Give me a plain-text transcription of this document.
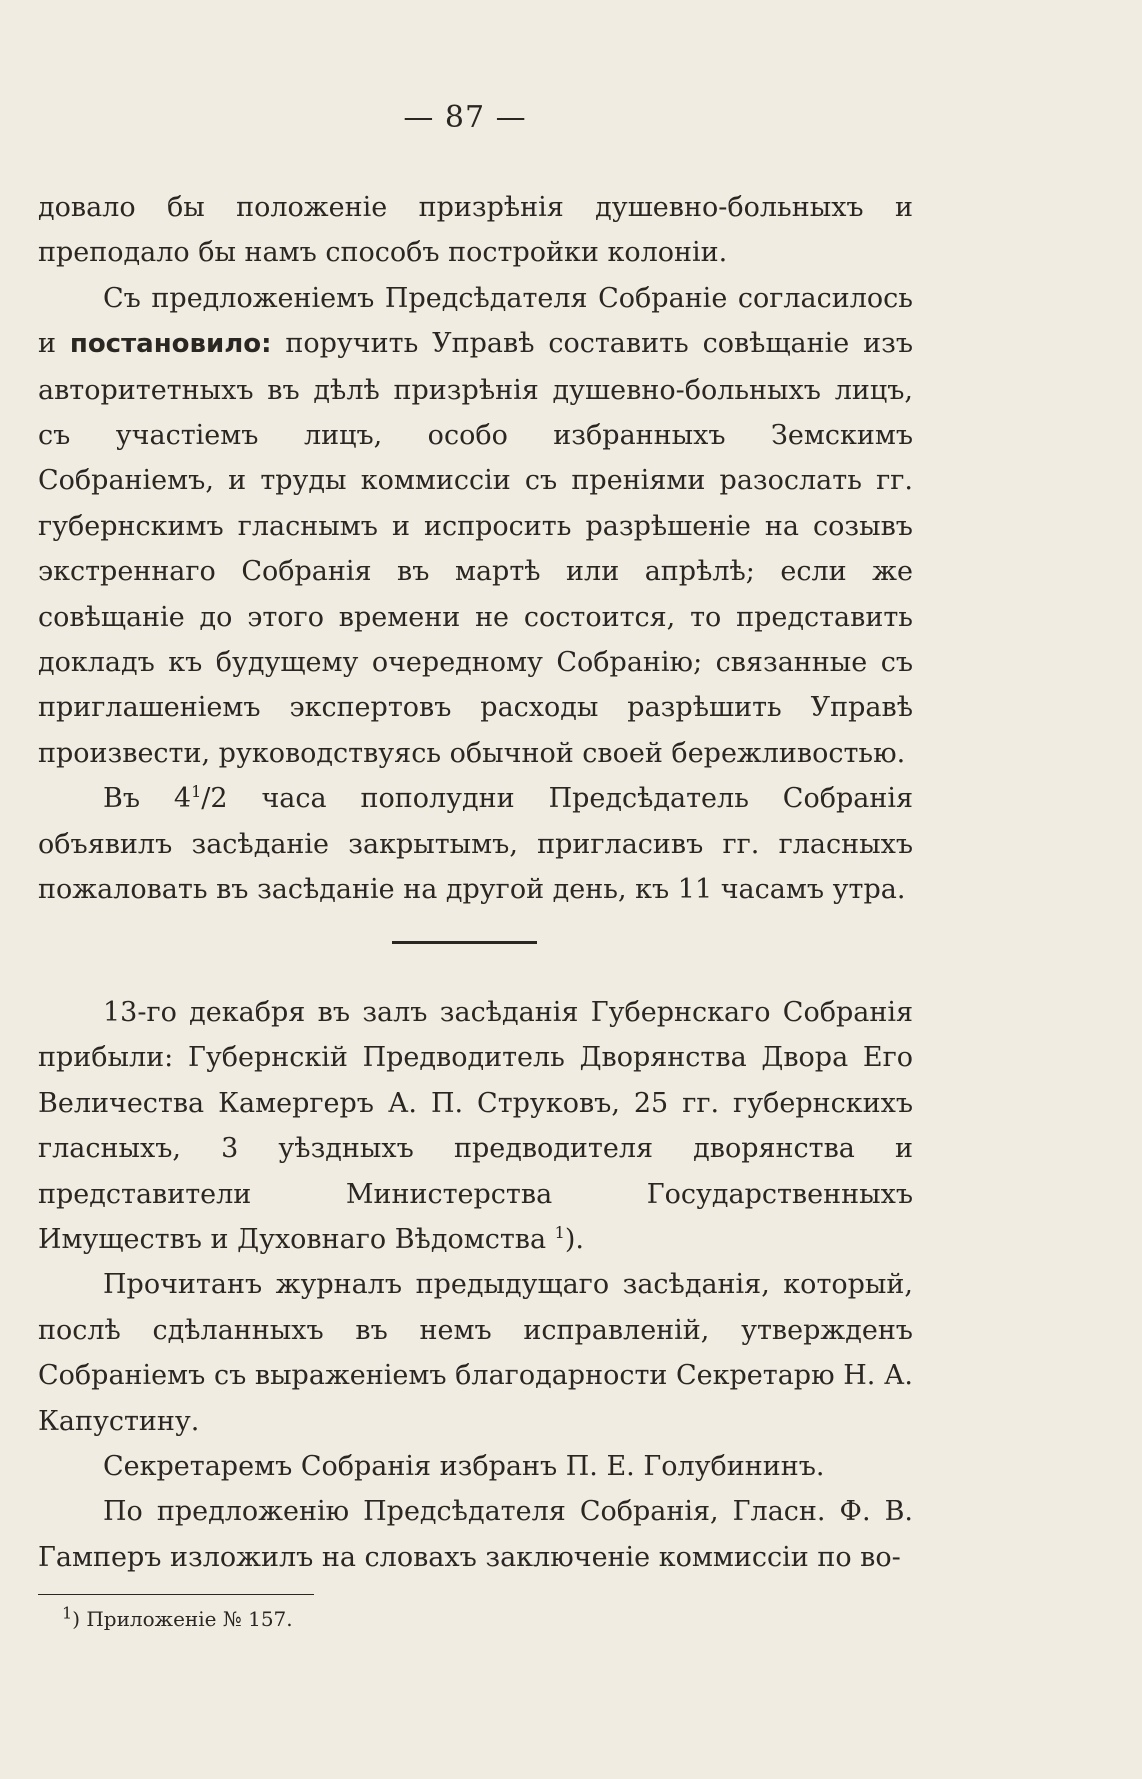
— 87 —

довало бы положеніе призрѣнія душевно-больныхъ и преподало бы намъ способъ постройки колоніи.

Съ предложеніемъ Предсѣдателя Собраніе согласилось и постановило: поручить Управѣ составить совѣщаніе изъ авторитетныхъ въ дѣлѣ призрѣнія душевно-больныхъ лицъ, съ участіемъ лицъ, особо избранныхъ Земскимъ Собраніемъ, и труды коммиссіи съ преніями разослать гг. губернскимъ гласнымъ и испросить разрѣшеніе на созывъ экстреннаго Собранія въ мартѣ или апрѣлѣ; если же совѣщаніе до этого времени не состоится, то представить докладъ къ будущему очередному Собранію; связанные съ приглашеніемъ экспертовъ расходы разрѣшить Управѣ произвести, руководствуясь обычной своей бережливостью.

Въ $4^1/2$ часа пополудни Предсѣдатель Собранія объявилъ засѣданіе закрытымъ, пригласивъ гг. гласныхъ пожаловать въ засѣданіе на другой день, къ 11 часамъ утра.

13-го декабря въ залъ засѣданія Губернскаго Собранія прибыли: Губернскій Предводитель Дворянства Двора Его Величества Камергеръ А. П. Струковъ, 25 гг. губернскихъ гласныхъ, 3 уѣздныхъ предводителя дворянства и представители Министерства Государственныхъ Имуществъ и Духовнаго Вѣдомства $^1$).

Прочитанъ журналъ предыдущаго засѣданія, который, послѣ сдѣланныхъ въ немъ исправленій, утвержденъ Собраніемъ съ выраженіемъ благодарности Секретарю Н. А. Капустину.

Секретаремъ Собранія избранъ П. Е. Голубининъ.

По предложенію Предсѣдателя Собранія, Гласн. Ф. В. Гамперъ изложилъ на словахъ заключеніе коммиссіи по во-

$^1$) Приложеніе № 157.
